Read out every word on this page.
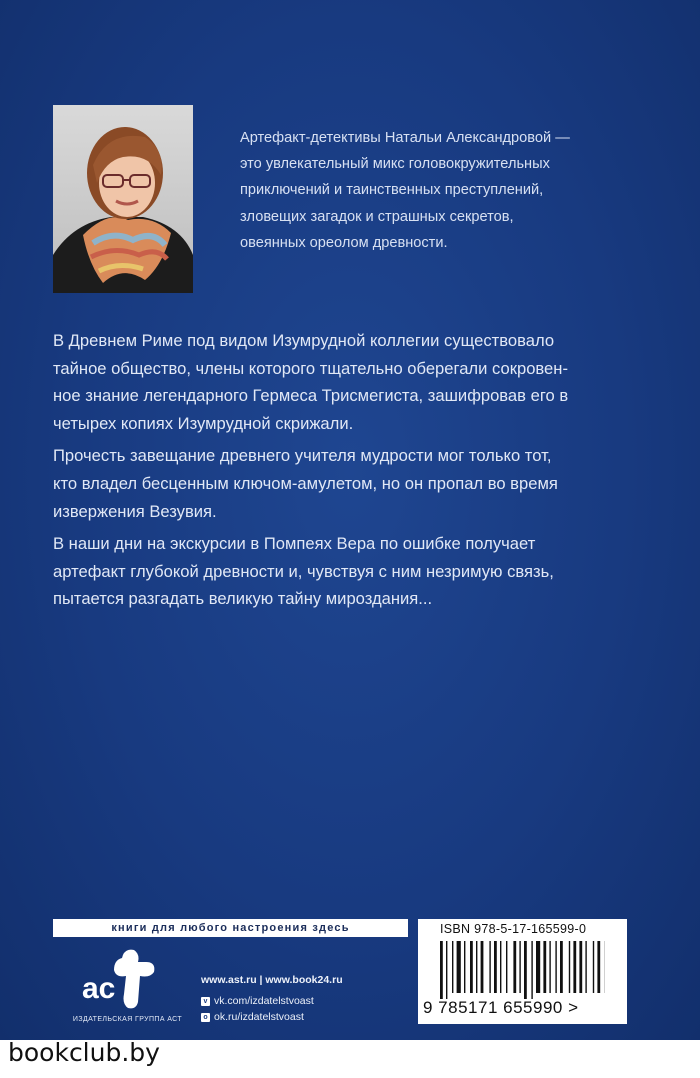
Артефакт-детективы Натальи Александровой —
это увлекательный микс головокружительных
приключений и таинственных преступлений,
зловещих загадок и страшных секретов,
овеянных ореолом древности.
В Древнем Риме под видом Изумрудной коллегии существовало
тайное общество, члены которого тщательно оберегали сокровен-
ное знание легендарного Гермеса Трисмегиста, зашифровав его в
четырех копиях Изумрудной скрижали.
Прочесть завещание древнего учителя мудрости мог только тот,
кто владел бесценным ключом-амулетом, но он пропал во время
извержения Везувия.
В наши дни на экскурсии в Помпеях Вера по ошибке получает
артефакт глубокой древности и, чувствуя с ним незримую связь,
пытается разгадать великую тайну мироздания...
книги для любого настроения здесь
ac
ИЗДАТЕЛЬСКАЯ ГРУППА АСТ
www.ast.ru | www.book24.ru
v vk.com/izdatelstvoast
o ok.ru/izdatelstvoast
ISBN 978-5-17-165599-0
9 785171 655990 >
bookclub.by
